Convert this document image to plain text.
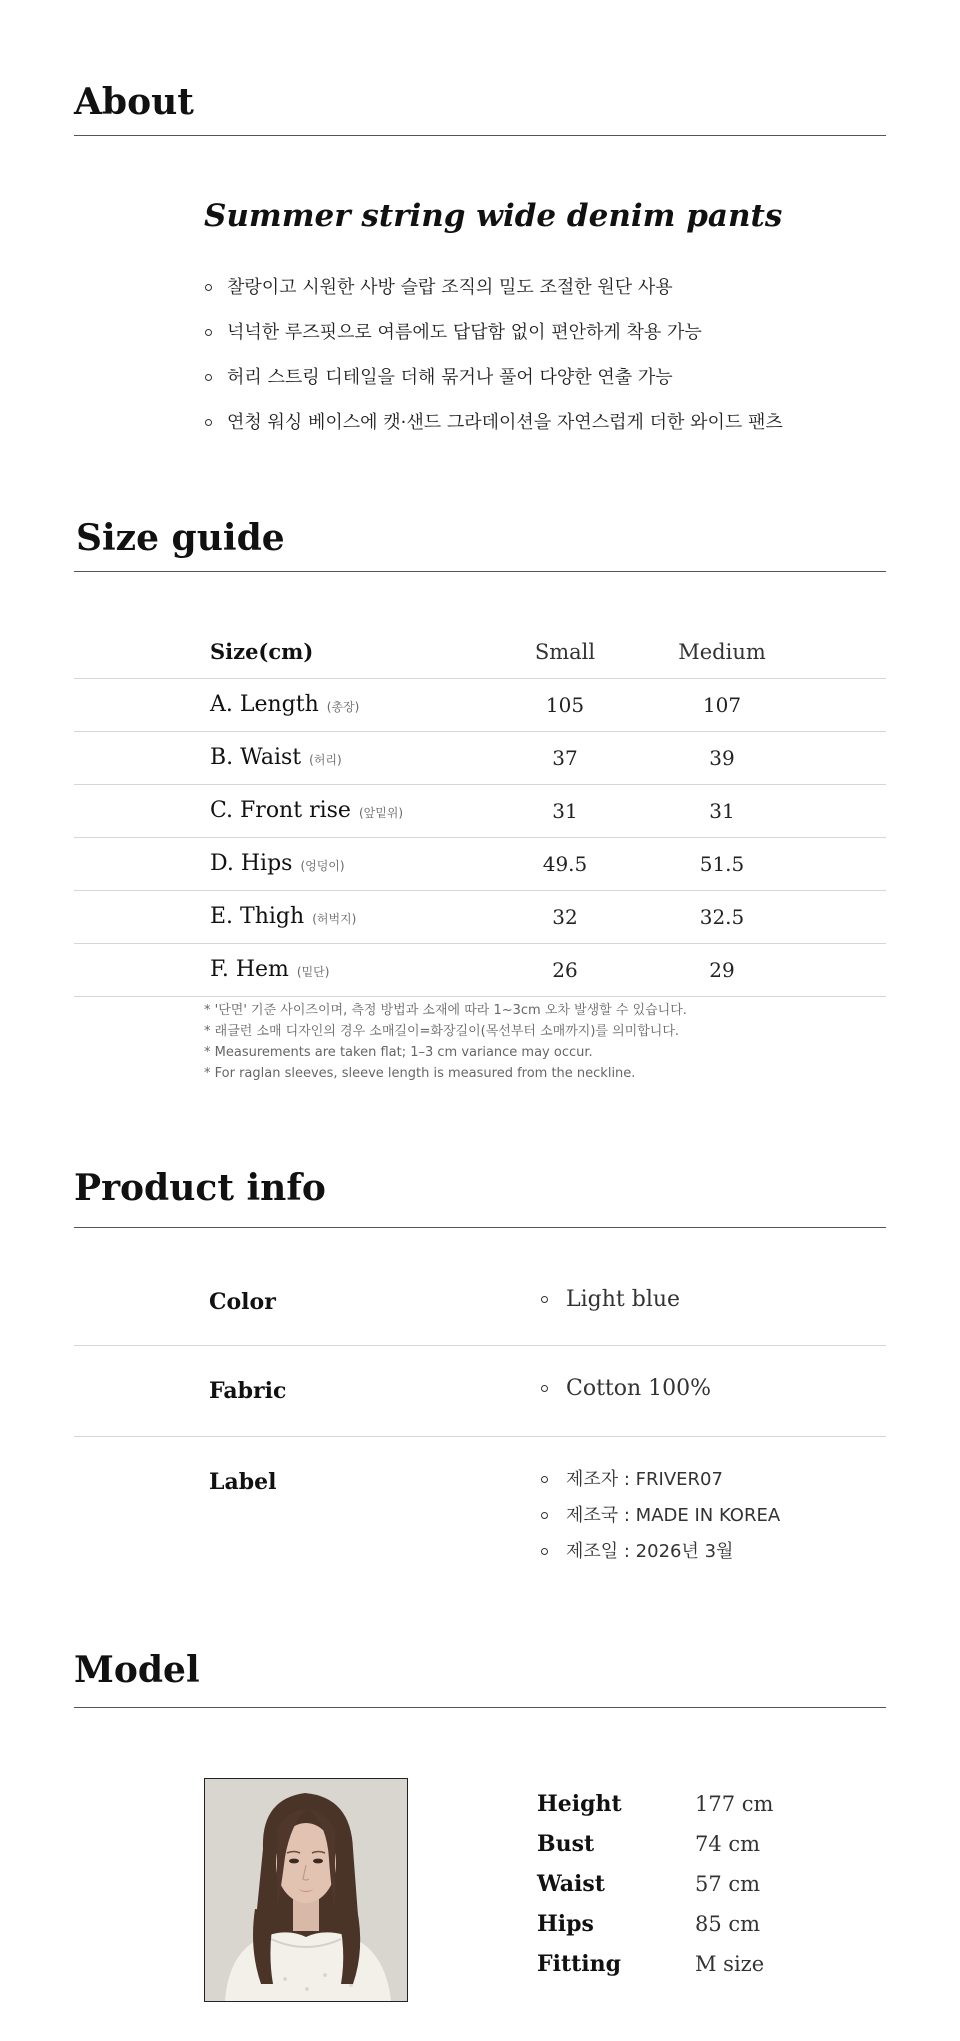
About
Summer string wide denim pants
찰랑이고 시원한 사방 슬랍 조직의 밀도 조절한 원단 사용
넉넉한 루즈핏으로 여름에도 답답함 없이 편안하게 착용 가능
허리 스트링 디테일을 더해 묶거나 풀어 다양한 연출 가능
연청 워싱 베이스에 캣·샌드 그라데이션을 자연스럽게 더한 와이드 팬츠
Size guide
Size(cm)	Small	Medium
A. Length (총장)	105	107
B. Waist (허리)	37	39
C. Front rise (앞밑위)	31	31
D. Hips (엉덩이)	49.5	51.5
E. Thigh (허벅지)	32	32.5
F. Hem (밑단)	26	29
* '단면' 기준 사이즈이며, 측정 방법과 소재에 따라 1~3cm 오차 발생할 수 있습니다.
* 래글런 소매 디자인의 경우 소매길이=화장길이(목선부터 소매까지)를 의미합니다.
* Measurements are taken flat; 1–3 cm variance may occur.
* For raglan sleeves, sleeve length is measured from the neckline.
Product info
Color	Light blue
Fabric	Cotton 100%
Label	제조자 : FRIVER07
제조국 : MADE IN KOREA
제조일 : 2026년 3월
Model
Height	177 cm
Bust	74 cm
Waist	57 cm
Hips	85 cm
Fitting	M size
